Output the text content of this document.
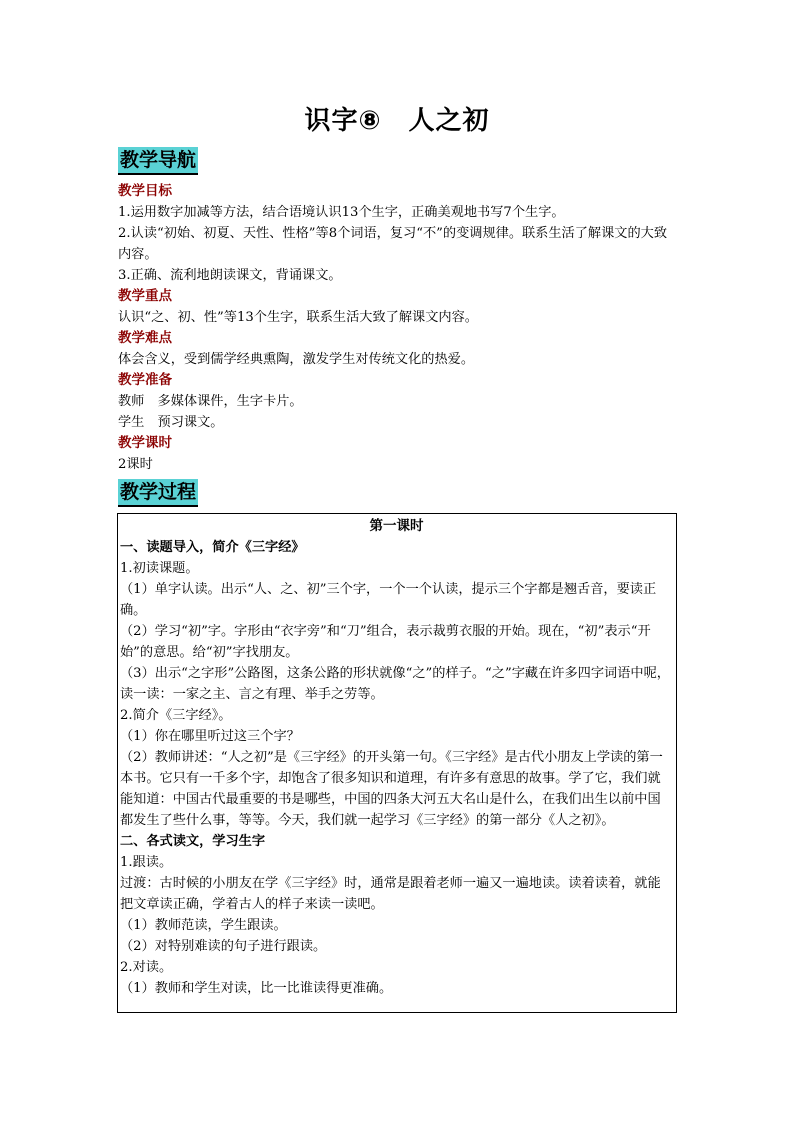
识字⑧　人之初
教学导航

教学目标

1.运用数字加减等方法，结合语境认识13个生字，正确美观地书写7个生字。

2.认读“初始、初夏、天性、性格”等8个词语，复习“不”的变调规律。联系生活了解课文的大致内容。

3.正确、流利地朗读课文，背诵课文。

教学重点

认识“之、初、性”等13个生字，联系生活大致了解课文内容。

教学难点

体会含义，受到儒学经典熏陶，激发学生对传统文化的热爱。

教学准备

教师　多媒体课件，生字卡片。

学生　预习课文。

教学课时

2课时

教学过程

第一课时

一、读题导入，简介《三字经》

1.初读课题。

（1）单字认读。出示“人、之、初”三个字，一个一个认读，提示三个字都是翘舌音，要读正确。

（2）学习“初”字。字形由“衣字旁”和“刀”组合，表示裁剪衣服的开始。现在，“初”表示“开始”的意思。给“初”字找朋友。

（3）出示“之字形”公路图，这条公路的形状就像“之”的样子。“之”字藏在许多四字词语中呢，读一读：一家之主、言之有理、举手之劳等。

2.简介《三字经》。

（1）你在哪里听过这三个字？

（2）教师讲述：“人之初”是《三字经》的开头第一句。《三字经》是古代小朋友上学读的第一本书。它只有一千多个字，却饱含了很多知识和道理，有许多有意思的故事。学了它，我们就能知道：中国古代最重要的书是哪些，中国的四条大河五大名山是什么，在我们出生以前中国都发生了些什么事，等等。今天，我们就一起学习《三字经》的第一部分《人之初》。

二、各式读文，学习生字

1.跟读。

过渡：古时候的小朋友在学《三字经》时，通常是跟着老师一遍又一遍地读。读着读着，就能把文章读正确，学着古人的样子来读一读吧。

（1）教师范读，学生跟读。

（2）对特别难读的句子进行跟读。

2.对读。

（1）教师和学生对读，比一比谁读得更准确。
